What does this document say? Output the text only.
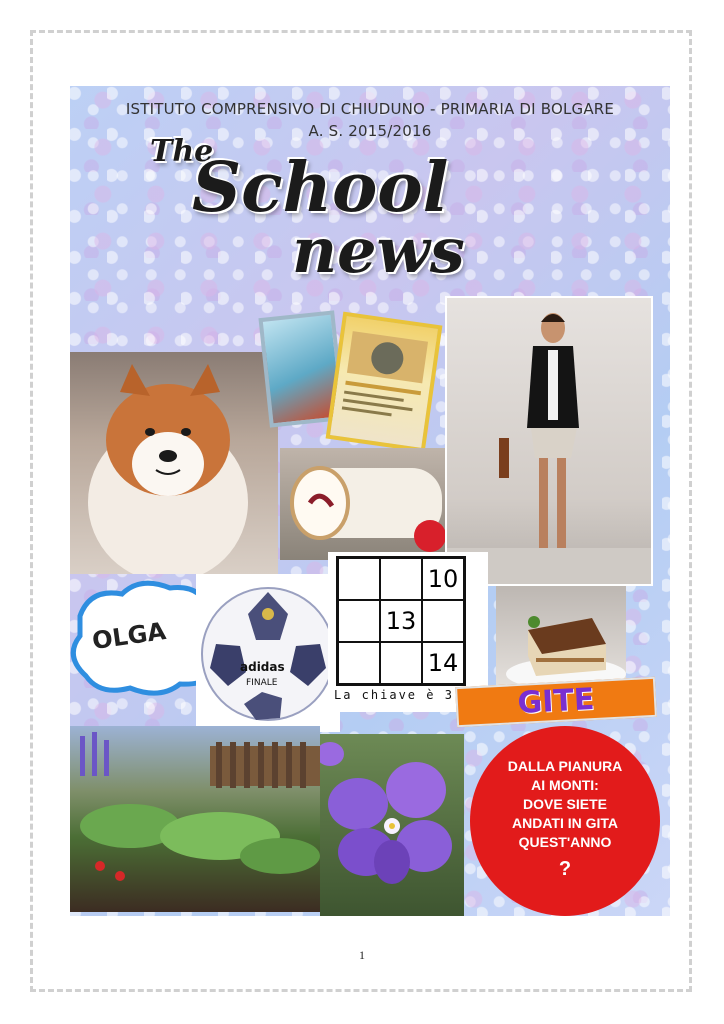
ISTITUTO COMPRENSIVO DI CHIUDUNO - PRIMARIA DI BOLGARE
A. S. 2015/2016
The
School
news
OLGA
adidas
FINALE
10
13
14
La chiave è 3	GITE
DALLA PIANURA
AI MONTI:
DOVE SIETE
ANDATI IN GITA
QUEST'ANNO
?
1
